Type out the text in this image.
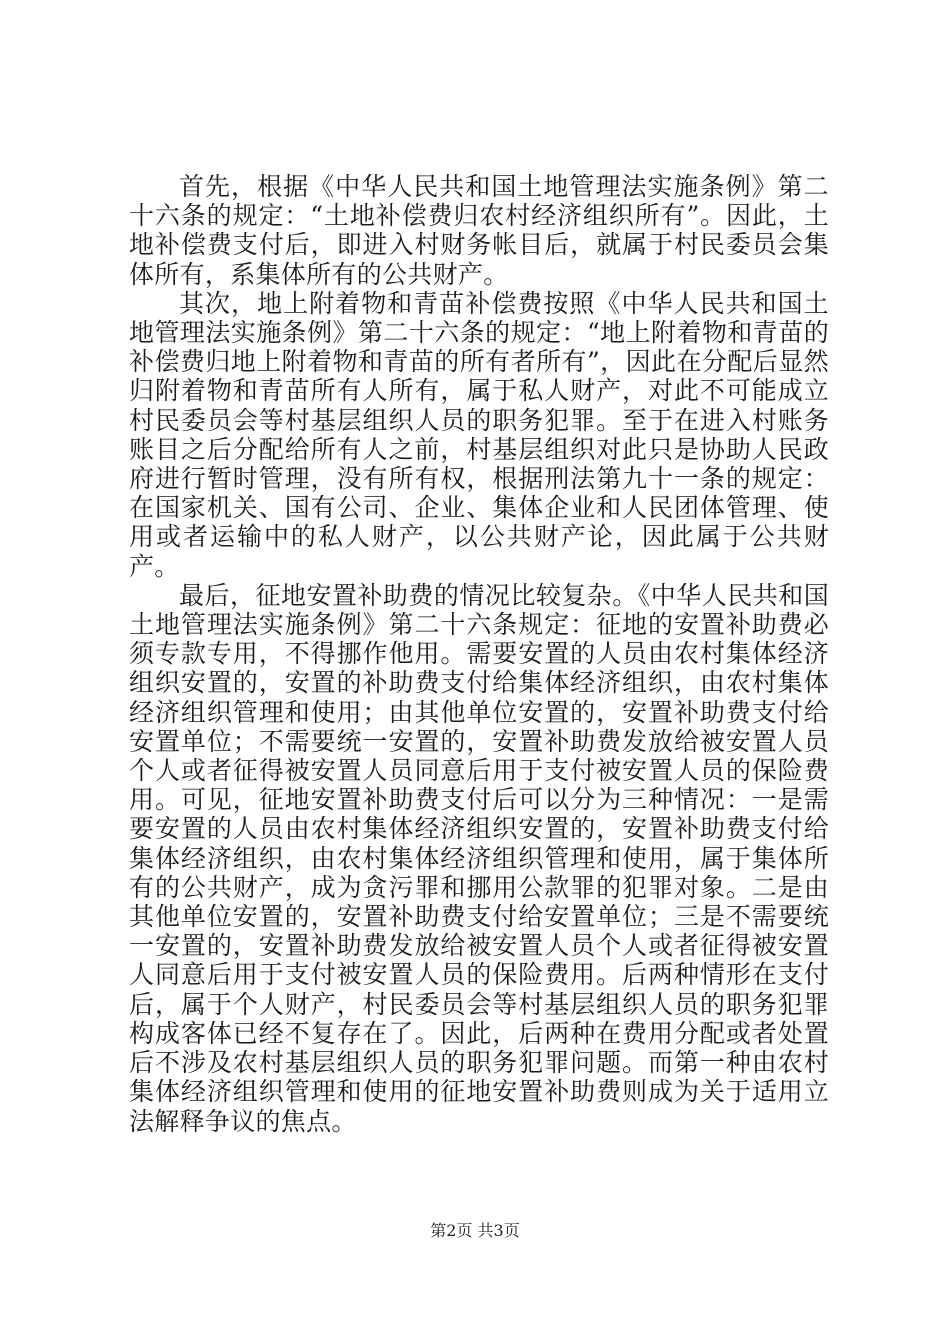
首先，根据《中华人民共和国土地管理法实施条例》第二十六条的规定：“土地补偿费归农村经济组织所有”。因此，土地补偿费支付后，即进入村财务帐目后，就属于村民委员会集体所有，系集体所有的公共财产。

其次，地上附着物和青苗补偿费按照《中华人民共和国土地管理法实施条例》第二十六条的规定：“地上附着物和青苗的补偿费归地上附着物和青苗的所有者所有”，因此在分配后显然归附着物和青苗所有人所有，属于私人财产，对此不可能成立村民委员会等村基层组织人员的职务犯罪。至于在进入村账务账目之后分配给所有人之前，村基层组织对此只是协助人民政府进行暂时管理，没有所有权，根据刑法第九十一条的规定：在国家机关、国有公司、企业、集体企业和人民团体管理、使用或者运输中的私人财产，以公共财产论，因此属于公共财产。

最后，征地安置补助费的情况比较复杂。《中华人民共和国土地管理法实施条例》第二十六条规定：征地的安置补助费必须专款专用，不得挪作他用。需要安置的人员由农村集体经济组织安置的，安置的补助费支付给集体经济组织，由农村集体经济组织管理和使用；由其他单位安置的，安置补助费支付给安置单位；不需要统一安置的，安置补助费发放给被安置人员个人或者征得被安置人员同意后用于支付被安置人员的保险费用。可见，征地安置补助费支付后可以分为三种情况：一是需要安置的人员由农村集体经济组织安置的，安置补助费支付给集体经济组织，由农村集体经济组织管理和使用，属于集体所有的公共财产，成为贪污罪和挪用公款罪的犯罪对象。二是由其他单位安置的，安置补助费支付给安置单位；三是不需要统一安置的，安置补助费发放给被安置人员个人或者征得被安置人同意后用于支付被安置人员的保险费用。后两种情形在支付后，属于个人财产，村民委员会等村基层组织人员的职务犯罪构成客体已经不复存在了。因此，后两种在费用分配或者处置后不涉及农村基层组织人员的职务犯罪问题。而第一种由农村集体经济组织管理和使用的征地安置补助费则成为关于适用立法解释争议的焦点。

第2页 共3页
